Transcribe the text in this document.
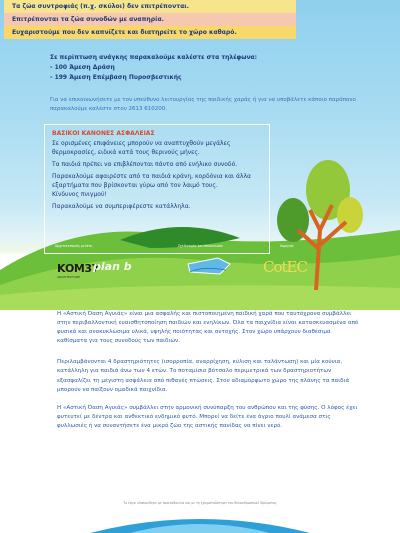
Τα ζώα συντροφιάς (π.χ. σκύλοι) δεν επιτρέπονται.
Επιτρέπονται τα ζώα συνοδών με αναπηρία.
Ευχαριστούμε που δεν καπνίζετε και διατηρείτε το χώρο καθαρό.
Σε περίπτωση ανάγκης παρακαλούμε καλέστε στα τηλέφωνα:
- 100 Άμεση Δράση
- 199 Άμεση Επέμβαση Πυροσβεστικής
Για να επικοινωνήσετε με τον υπεύθυνο λειτουργίας της παιδικής χαράς ή για να υποβάλετε κάποιο παράπονο παρακαλούμε καλέστε στον 2613 610200.
ΒΑΣΙΚΟΙ ΚΑΝΟΝΕΣ ΑΣΦΑΛΕΙΑΣ

Σε ορισμένες επιφάνειες μπορούν να αναπτυχθούν μεγάλες θερμοκρασίες, ειδικά κατά τους θερινούς μήνες.

Τα παιδιά πρέπει να επιβλέπονται πάντα από ενήλικο συνοδό.

Παρακαλούμε αφαιρέστε από τα παιδιά κράνη, κορδόνια και άλλα εξαρτήματα που βρίσκονται γύρω από τον λαιμό τους.
Κίνδυνος πνιγμού!

Παρακαλούμε να συμπεριφέρεστε κατάλληλα.

Αρχιτεκτονικός μελέτη	Σχεδιασμός και επικοινωνία	Χορηγός
ΚΟΜ37
ARCHITECTURE
plan b	CotEC

Η «Αστική Όαση Αγυιάς» είναι μια ασφαλής και πιστοποιημένη παιδική χαρά που ταυτόχρονα συμβάλλει στην περιβαλλοντική ευαισθητοποίηση παιδιών και ενηλίκων. Όλα τα παιχνίδια είναι κατασκευασμένα από φυσικά και ανακυκλώσιμα υλικά, υψηλής ποιότητας και αντοχής. Στον χώρο υπάρχουν διαθέσιμα καθίσματα για τους συνοδούς των παιδιών.

Περιλαμβάνονται 4 δραστηριότητες (ισορροπία, αναρρίχηση, κύλιση και ταλάντωση) και μία κούνια, κατάλληλη για παιδιά άνω των 4 ετών. Το ποταμίσιο βότσαλο περιμετρικά των δραστηριοτήτων εξασφαλίζει τη μέγιστη ασφάλεια από πιθανές πτώσεις. Στον αδιαμόρφωτο χώρο της πλάνης τα παιδιά μπορούν να παίξουν ομαδικά παιχνίδια.

Η «Αστική Όαση Αγυιάς» συμβάλλει στην αρμονική συνύπαρξη του ανθρώπου και της φύσης. Ο λόφος έχει φυτευτεί με δέντρα και ανθεκτικό ενδημικό φυτό. Μπορεί να δείτε ένα άγριο πουλί ανάμεσα στις φυλλωσιές ή να συναντήσετε ένα μικρό ζώο της αστικής πανίδας να πίνει νερό.

Το έργο υλοποιήθηκε με πρωτοβουλία και με τη χρηματοδότηση του Φιλανθρωπικού Ιδρύματος
